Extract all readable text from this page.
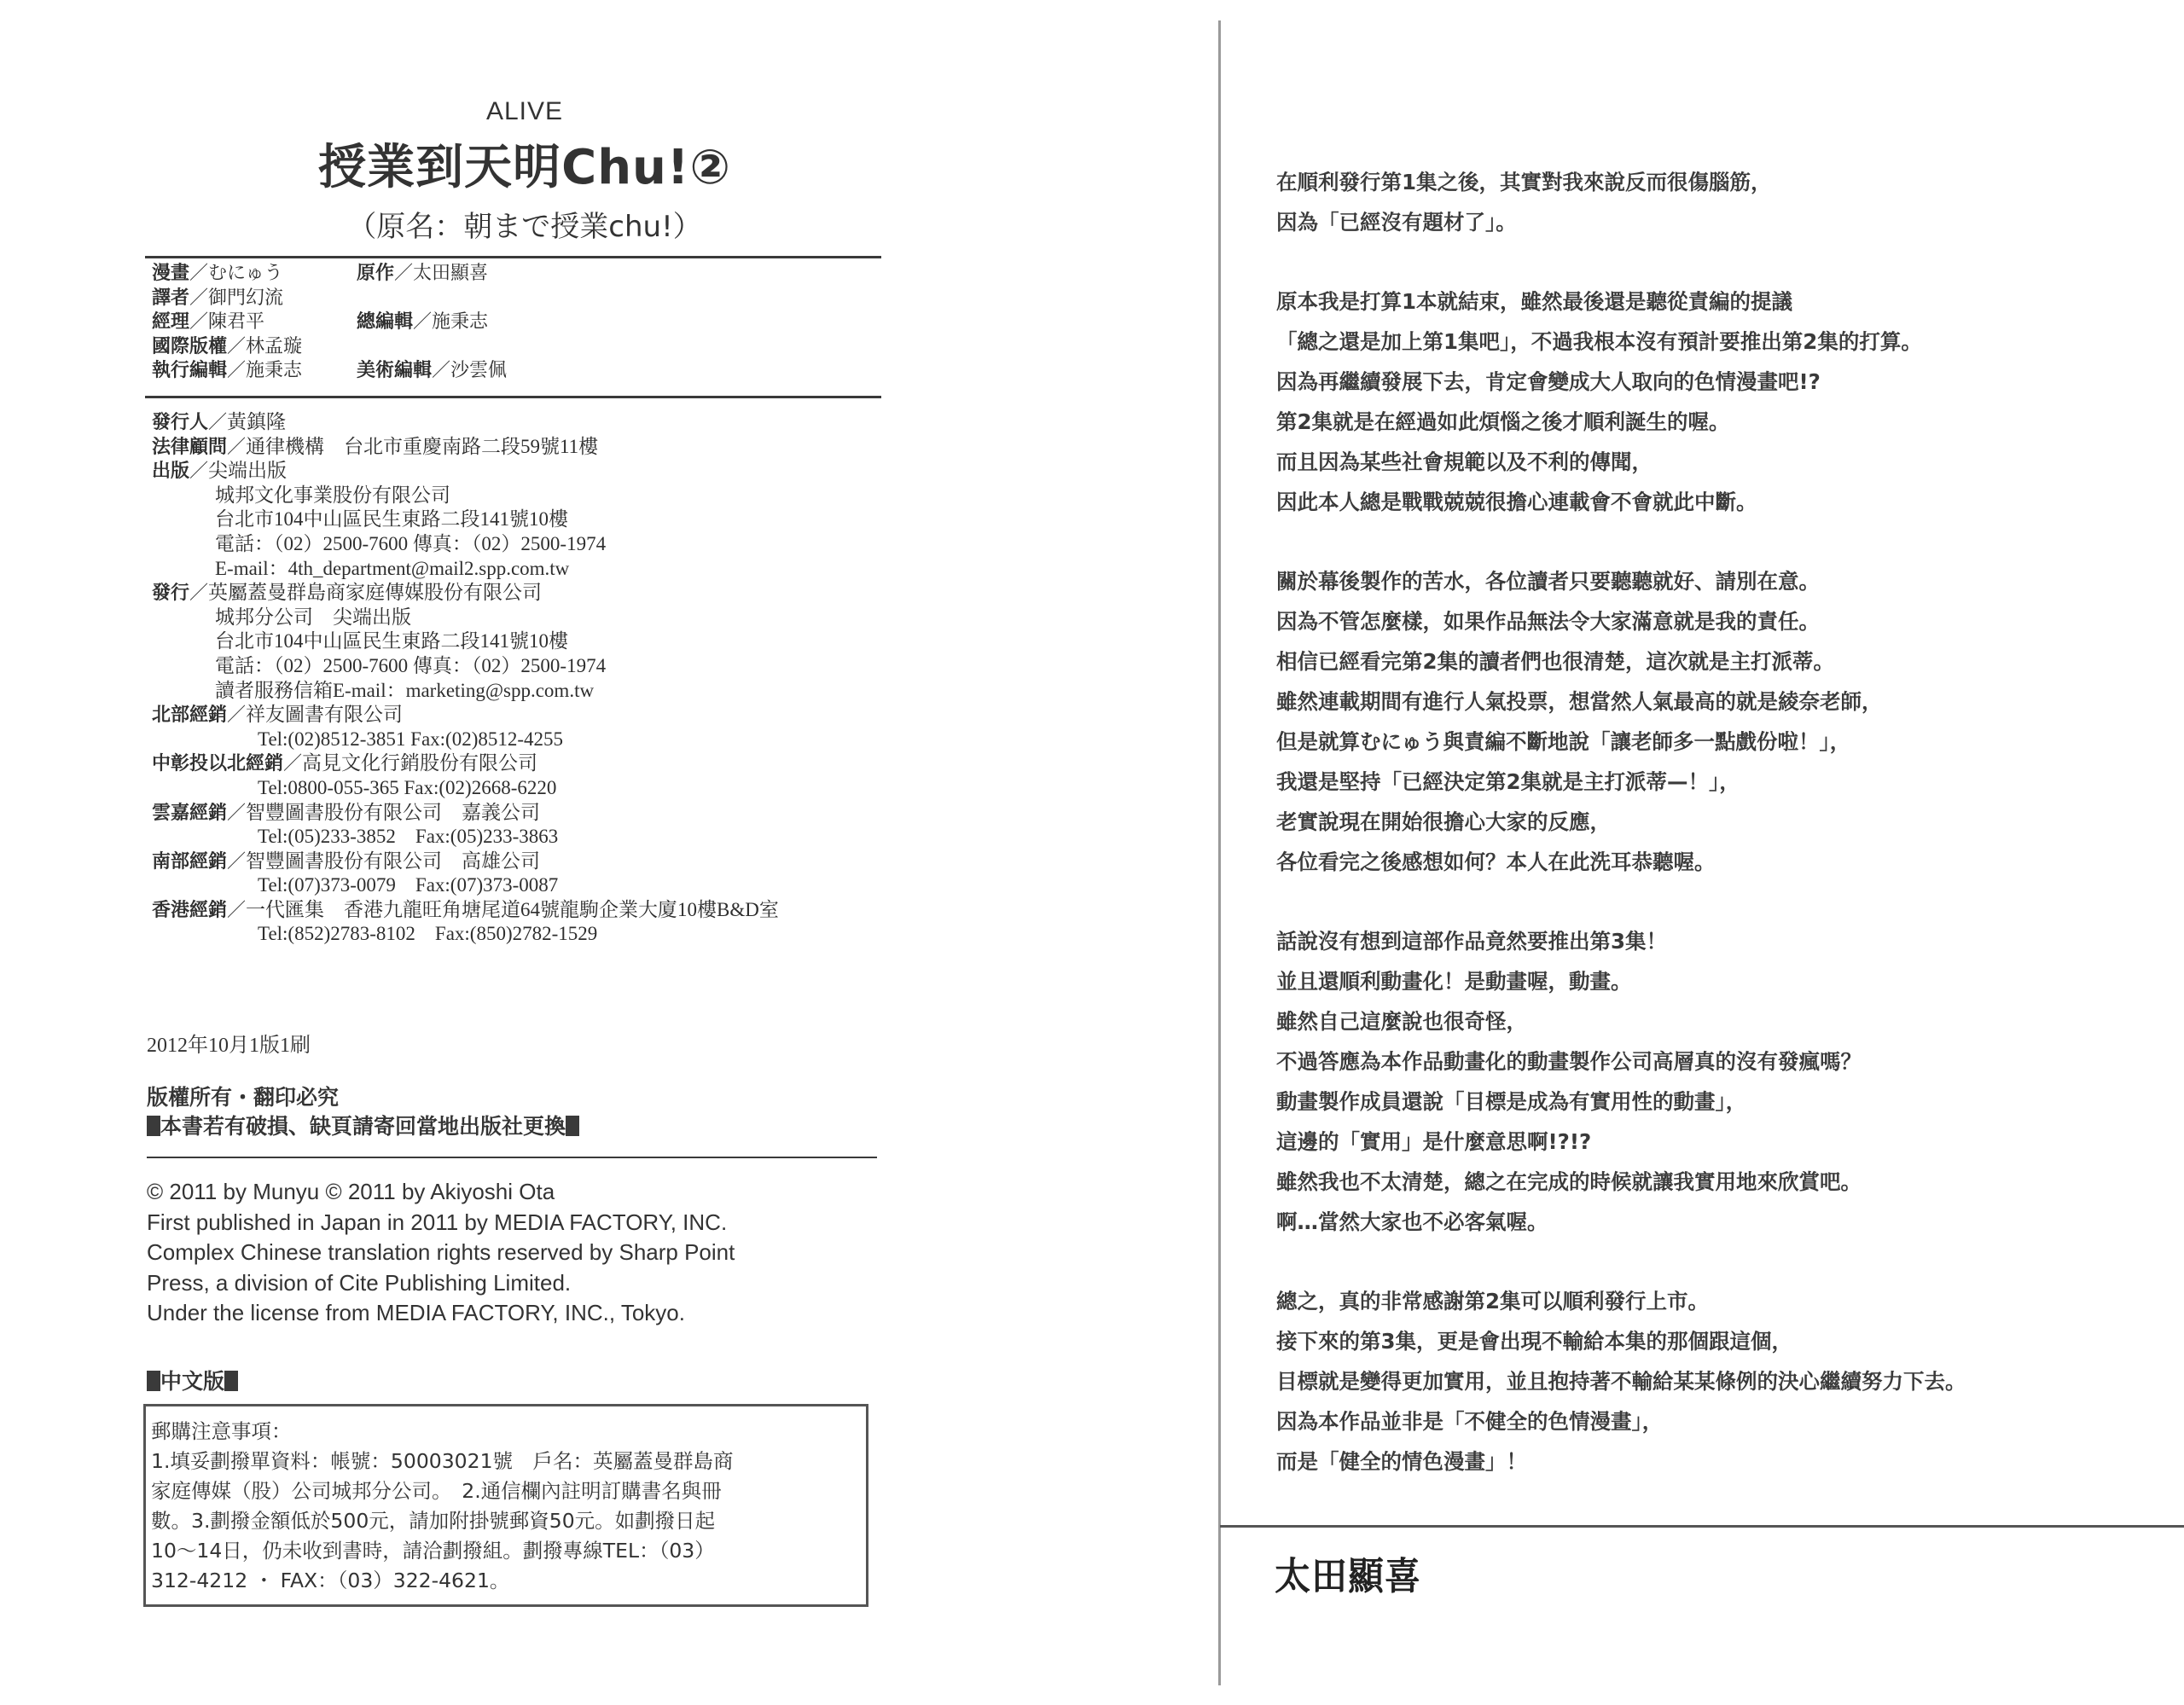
ALIVE
授業到天明Chu!②
（原名：朝まで授業chu!）
漫畫／むにゅう	原作／太田顯喜
譯者／御門幻流
經理／陳君平	總編輯／施秉志
國際版權／林孟璇
執行編輯／施秉志	美術編輯／沙雲佩
發行人／黃鎮隆
法律顧問／通律機構　台北市重慶南路二段59號11樓
出版／尖端出版
城邦文化事業股份有限公司
台北市104中山區民生東路二段141號10樓
電話：（02）2500-7600 傳真：（02）2500-1974
E-mail：4th_department@mail2.spp.com.tw
發行／英屬蓋曼群島商家庭傳媒股份有限公司
城邦分公司　尖端出版
台北市104中山區民生東路二段141號10樓
電話：（02）2500-7600 傳真：（02）2500-1974
讀者服務信箱E-mail：marketing@spp.com.tw
北部經銷／祥友圖書有限公司
Tel:(02)8512-3851 Fax:(02)8512-4255
中彰投以北經銷／高見文化行銷股份有限公司
Tel:0800-055-365 Fax:(02)2668-6220
雲嘉經銷／智豐圖書股份有限公司　嘉義公司
Tel:(05)233-3852　Fax:(05)233-3863
南部經銷／智豐圖書股份有限公司　高雄公司
Tel:(07)373-0079　Fax:(07)373-0087
香港經銷／一代匯集　香港九龍旺角塘尾道64號龍駒企業大廈10樓B&D室
Tel:(852)2783-8102　Fax:(850)2782-1529
2012年10月1版1刷
版權所有・翻印必究
本書若有破損、缺頁請寄回當地出版社更換
© 2011 by Munyu © 2011 by Akiyoshi Ota
First published in Japan in 2011 by MEDIA FACTORY, INC.
Complex Chinese translation rights reserved by Sharp Point
Press, a division of Cite Publishing Limited.
Under the license from MEDIA FACTORY, INC., Tokyo.
中文版
郵購注意事項：
1.填妥劃撥單資料：帳號：50003021號　戶名：英屬蓋曼群島商
家庭傳媒（股）公司城邦分公司。　2.通信欄內註明訂購書名與冊
數。3.劃撥金額低於500元，請加附掛號郵資50元。如劃撥日起
10～14日，仍未收到書時，請洽劃撥組。劃撥專線TEL：（03）
312-4212 ・ FAX：（03）322-4621。
在順利發行第1集之後，其實對我來說反而很傷腦筋，
因為「已經沒有題材了」。
原本我是打算1本就結束，雖然最後還是聽從責編的提議
「總之還是加上第1集吧」，不過我根本沒有預計要推出第2集的打算。
因為再繼續發展下去，肯定會變成大人取向的色情漫畫吧!?
第2集就是在經過如此煩惱之後才順利誕生的喔。
而且因為某些社會規範以及不利的傳聞，
因此本人總是戰戰兢兢很擔心連載會不會就此中斷。
關於幕後製作的苦水，各位讀者只要聽聽就好、請別在意。
因為不管怎麼樣，如果作品無法令大家滿意就是我的責任。
相信已經看完第2集的讀者們也很清楚，這次就是主打派蒂。
雖然連載期間有進行人氣投票，想當然人氣最高的就是綾奈老師，
但是就算むにゅう與責編不斷地說「讓老師多一點戲份啦！」，
我還是堅持「已經決定第2集就是主打派蒂—！」，
老實說現在開始很擔心大家的反應，
各位看完之後感想如何？本人在此洗耳恭聽喔。
話說沒有想到這部作品竟然要推出第3集！
並且還順利動畫化！是動畫喔，動畫。
雖然自己這麼說也很奇怪，
不過答應為本作品動畫化的動畫製作公司高層真的沒有發瘋嗎？
動畫製作成員還說「目標是成為有實用性的動畫」，
這邊的「實用」是什麼意思啊!?!?
雖然我也不太清楚，總之在完成的時候就讓我實用地來欣賞吧。
啊…當然大家也不必客氣喔。
總之，真的非常感謝第2集可以順利發行上市。
接下來的第3集，更是會出現不輸給本集的那個跟這個，
目標就是變得更加實用，並且抱持著不輸給某某條例的決心繼續努力下去。
因為本作品並非是「不健全的色情漫畫」，
而是「健全的情色漫畫」！
太田顯喜
